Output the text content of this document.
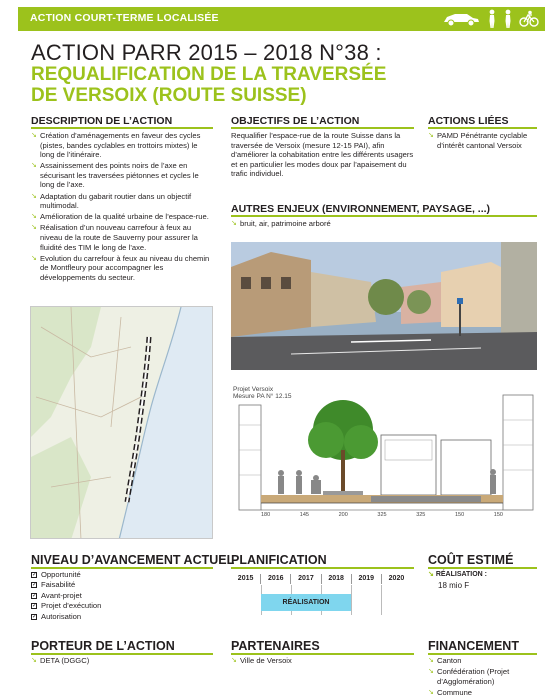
ACTION COURT-TERME LOCALISÉE
ACTION PARR 2015 – 2018 N°38 :
REQUALIFICATION DE LA TRAVERSÉE
DE VERSOIX (ROUTE SUISSE)
DESCRIPTION DE L’ACTION
↘ Création d’aménagements en faveur des cycles (pistes, bandes cyclables en trottoirs mixtes) le long de l’itinéraire.
↘ Assainissement des points noirs de l’axe en sécurisant les traversées piétonnes et cycles le long de l’axe.
↘ Adaptation du gabarit routier dans un objectif multimodal.
↘ Amélioration de la qualité urbaine de l’espace-rue.
↘ Réalisation d’un nouveau carrefour à feux au niveau de la route de Sauverny pour assurer la fluidité des TIM le long de l’axe.
↘ Evolution du carrefour à feux au niveau du chemin de Montfleury pour accompagner les développements du secteur.
OBJECTIFS DE L’ACTION
Requalifier l’espace-rue de la route Suisse dans la traversée de Versoix (mesure 12-15 PAI), afin d’améliorer la cohabitation entre les différents usagers et en particulier les modes doux par l’apaisement du trafic individuel.
ACTIONS LIÉES
↘ PAMD Pénétrante cyclable d’intérêt cantonal Versoix
AUTRES ENJEUX (ENVIRONNEMENT, PAYSAGE, ...)
↘ bruit, air, patrimoine arboré
Projet Versoix
Mesure PA N° 12.15
180	145	200	325	325	150	150
NIVEAU D’AVANCEMENT ACTUEL
✓ Opportunité
✓ Faisabilité
✓ Avant-projet
✓ Projet d’exécution
✓ Autorisation
PLANIFICATION
2015	2016	2017	2018	2019	2020
RÉALISATION
COÛT ESTIMÉ
↘ RÉALISATION :
18 mio F
PORTEUR DE L’ACTION
↘ DETA (DGGC)
PARTENAIRES
↘ Ville de Versoix
FINANCEMENT
↘ Canton
↘ Confédération (Projet d’Agglomération)
↘ Commune
